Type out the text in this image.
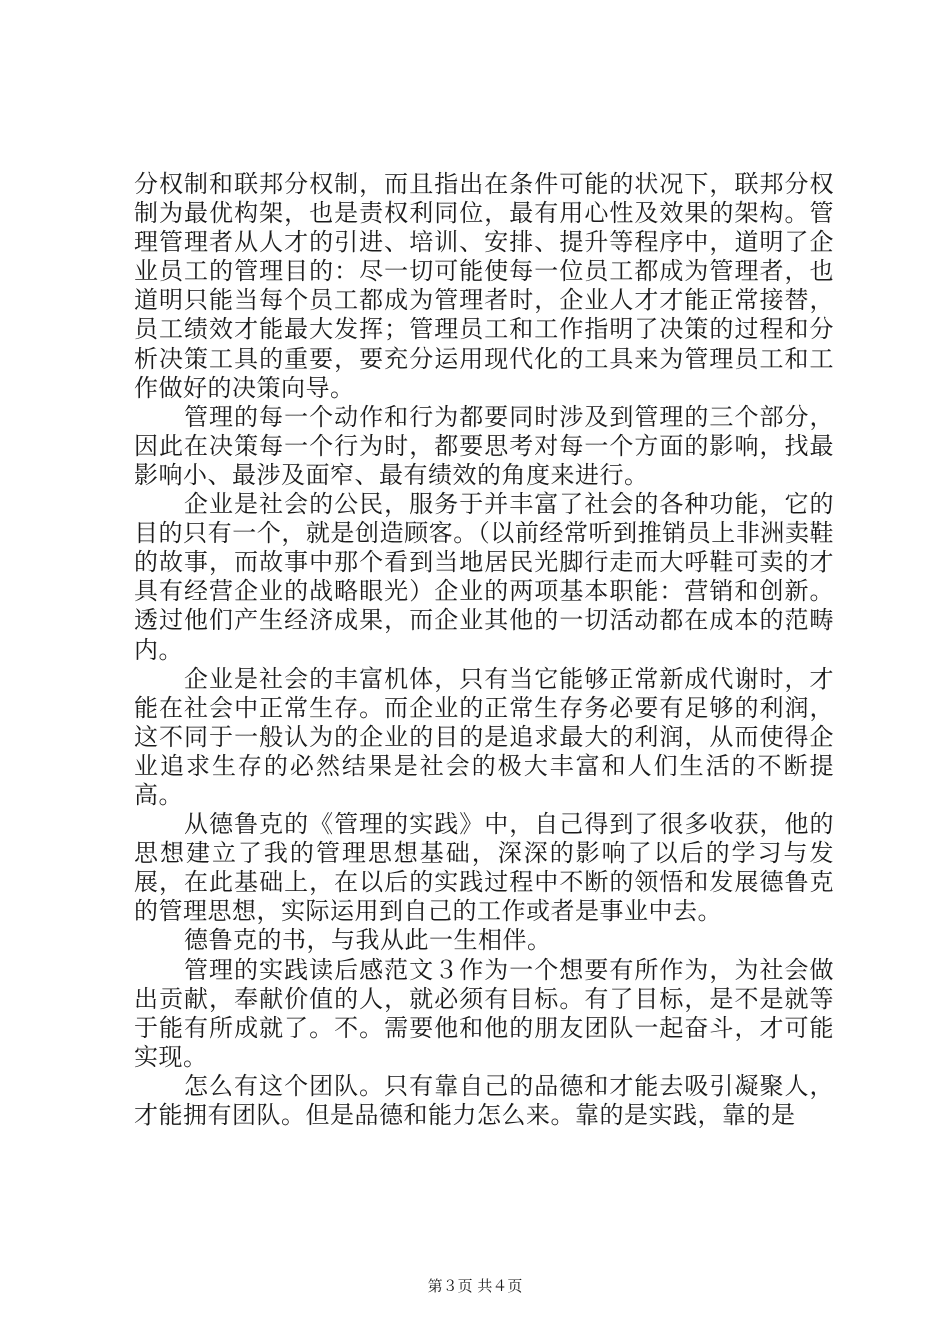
分权制和联邦分权制，而且指出在条件可能的状况下，联邦分权制为最优构架，也是责权利同位，最有用心性及效果的架构。管理管理者从人才的引进、培训、安排、提升等程序中，道明了企业员工的管理目的：尽一切可能使每一位员工都成为管理者，也道明只能当每个员工都成为管理者时，企业人才才能正常接替，员工绩效才能最大发挥；管理员工和工作指明了决策的过程和分析决策工具的重要，要充分运用现代化的工具来为管理员工和工作做好的决策向导。

管理的每一个动作和行为都要同时涉及到管理的三个部分，因此在决策每一个行为时，都要思考对每一个方面的影响，找最影响小、最涉及面窄、最有绩效的角度来进行。

企业是社会的公民，服务于并丰富了社会的各种功能，它的目的只有一个，就是创造顾客。（以前经常听到推销员上非洲卖鞋的故事，而故事中那个看到当地居民光脚行走而大呼鞋可卖的才具有经营企业的战略眼光）企业的两项基本职能：营销和创新。透过他们产生经济成果，而企业其他的一切活动都在成本的范畴内。

企业是社会的丰富机体，只有当它能够正常新成代谢时，才能在社会中正常生存。而企业的正常生存务必要有足够的利润，这不同于一般认为的企业的目的是追求最大的利润，从而使得企业追求生存的必然结果是社会的极大丰富和人们生活的不断提高。

从德鲁克的《管理的实践》中，自己得到了很多收获，他的思想建立了我的管理思想基础，深深的影响了以后的学习与发展，在此基础上，在以后的实践过程中不断的领悟和发展德鲁克的管理思想，实际运用到自己的工作或者是事业中去。

德鲁克的书，与我从此一生相伴。

管理的实践读后感范文３作为一个想要有所作为，为社会做出贡献，奉献价值的人，就必须有目标。有了目标，是不是就等于能有所成就了。不。需要他和他的朋友团队一起奋斗，才可能实现。

怎么有这个团队。只有靠自己的品德和才能去吸引凝聚人，才能拥有团队。但是品德和能力怎么来。靠的是实践，靠的是

第３页 共４页
